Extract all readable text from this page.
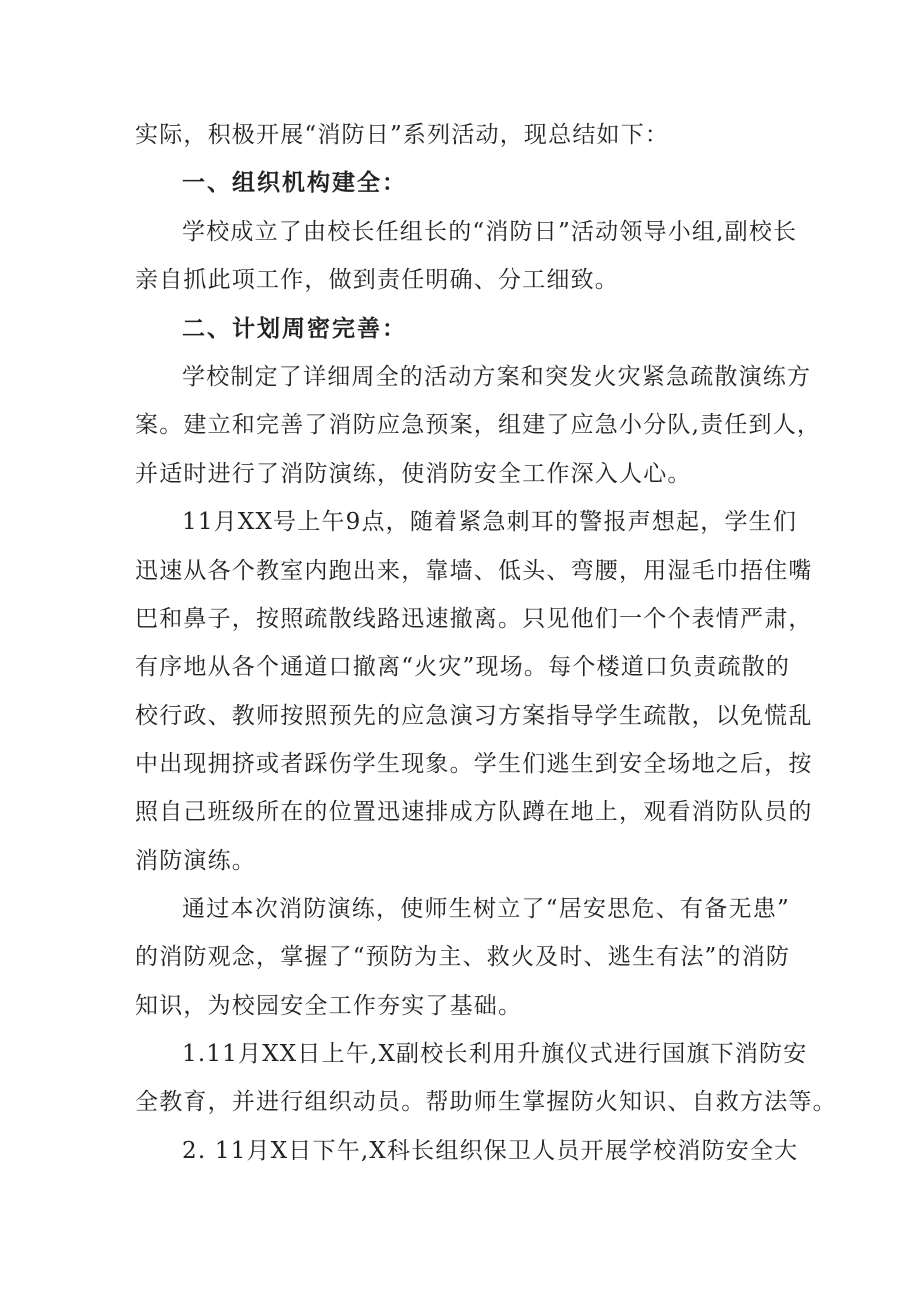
实际，积极开展“消防日”系列活动，现总结如下：
一、组织机构建全：
学校成立了由校长任组长的“消防日”活动领导小组,副校长
亲自抓此项工作，做到责任明确、分工细致。
二、计划周密完善：
学校制定了详细周全的活动方案和突发火灾紧急疏散演练方
案。建立和完善了消防应急预案，组建了应急小分队,责任到人，
并适时进行了消防演练，使消防安全工作深入人心。
11月XX号上午9点，随着紧急刺耳的警报声想起，学生们
迅速从各个教室内跑出来，靠墙、低头、弯腰，用湿毛巾捂住嘴
巴和鼻子，按照疏散线路迅速撤离。只见他们一个个表情严肃，
有序地从各个通道口撤离“火灾”现场。每个楼道口负责疏散的
校行政、教师按照预先的应急演习方案指导学生疏散，以免慌乱
中出现拥挤或者踩伤学生现象。学生们逃生到安全场地之后，按
照自己班级所在的位置迅速排成方队蹲在地上，观看消防队员的
消防演练。
通过本次消防演练，使师生树立了“居安思危、有备无患”
的消防观念，掌握了“预防为主、救火及时、逃生有法”的消防
知识，为校园安全工作夯实了基础。
1.11月XX日上午,X副校长利用升旗仪式进行国旗下消防安
全教育，并进行组织动员。帮助师生掌握防火知识、自救方法等。
2. 11月X日下午,X科长组织保卫人员开展学校消防安全大
